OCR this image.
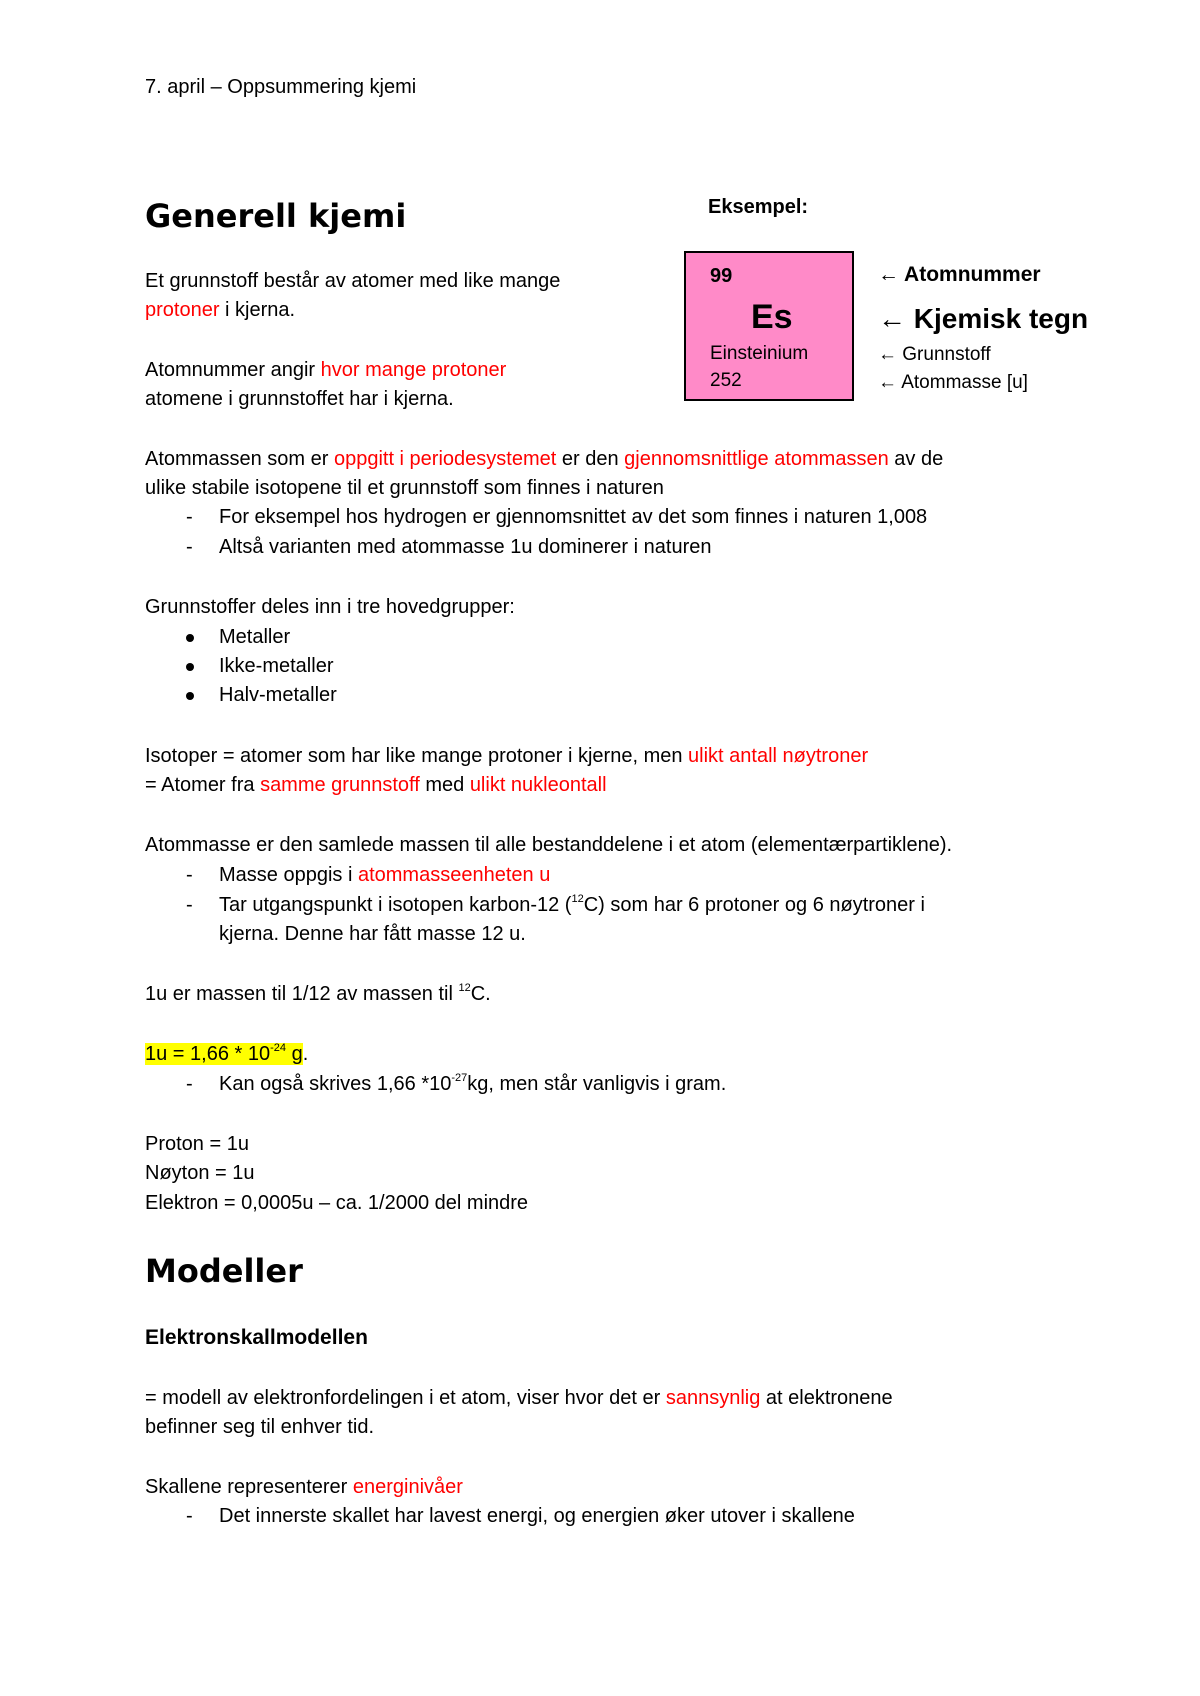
7. april – Oppsummering kjemi
Generell kjemi	Eksempel:
99
Es
Einsteinium
252
← Atomnummer
← Kjemisk tegn
← Grunnstoff
← Atommasse [u]
Et grunnstoff består av atomer med like mange
protoner i kjerna.
Atomnummer angir hvor mange protoner
atomene i grunnstoffet har i kjerna.
Atommassen som er oppgitt i periodesystemet er den gjennomsnittlige atommassen av de
ulike stabile isotopene til et grunnstoff som finnes i naturen
- For eksempel hos hydrogen er gjennomsnittet av det som finnes i naturen 1,008
- Altså varianten med atommasse 1u dominerer i naturen
Grunnstoffer deles inn i tre hovedgrupper:
Metaller
Ikke-metaller
Halv-metaller
Isotoper = atomer som har like mange protoner i kjerne, men ulikt antall nøytroner
= Atomer fra samme grunnstoff med ulikt nukleontall
Atommasse er den samlede massen til alle bestanddelene i et atom (elementærpartiklene).
- Masse oppgis i atommasseenheten u
- Tar utgangspunkt i isotopen karbon-12 ($^{12}$C) som har 6 protoner og 6 nøytroner i
kjerna. Denne har fått masse 12 u.
1u er massen til 1/12 av massen til $^{12}$C.
$1u = 1,66 * 10^{-24}$ g.
- Kan også skrives 1,66 $*10^{-27}kg$, men står vanligvis i gram.
Proton = 1u
Nøyton = 1u
Elektron = 0,0005u – ca. 1/2000 del mindre
Modeller
Elektronskallmodellen
= modell av elektronfordelingen i et atom, viser hvor det er sannsynlig at elektronene
befinner seg til enhver tid.
Skallene representerer energinivåer
- Det innerste skallet har lavest energi, og energien øker utover i skallene
